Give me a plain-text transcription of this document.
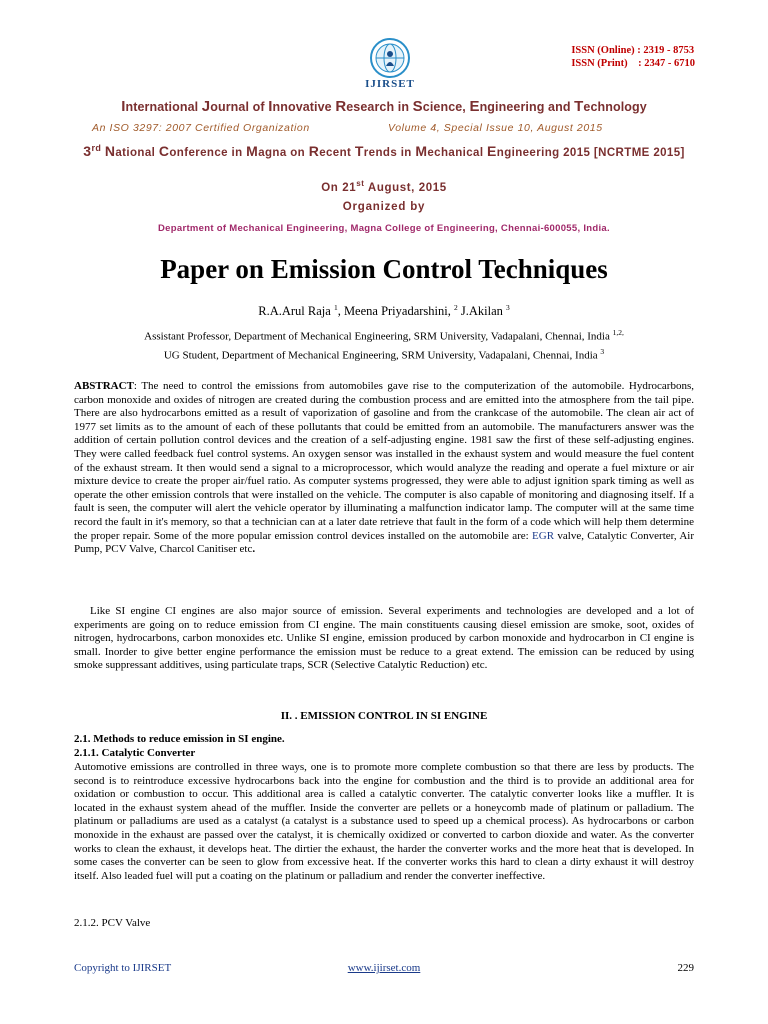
IJIRSET
ISSN (Online) : 2319 - 8753
ISSN (Print)    : 2347 - 6710
International Journal of Innovative Research in Science, Engineering and Technology
An ISO 3297: 2007 Certified Organization	Volume 4, Special Issue 10, August 2015
3rd National Conference in Magna on Recent Trends in Mechanical Engineering 2015 [NCRTME 2015]
On 21st August, 2015
Organized by
Department of Mechanical Engineering, Magna College of Engineering, Chennai-600055, India.
Paper on Emission Control Techniques
R.A.Arul Raja $^1$, Meena Priyadarshini, $^2$ J.Akilan $^3$
Assistant Professor, Department of Mechanical Engineering, SRM University, Vadapalani, Chennai, India $^{1,2,}$
UG Student, Department of Mechanical Engineering, SRM University, Vadapalani, Chennai, India $^3$
ABSTRACT: The need to control the emissions from automobiles gave rise to the computerization of the automobile. Hydrocarbons, carbon monoxide and oxides of nitrogen are created during the combustion process and are emitted into the atmosphere from the tail pipe. There are also hydrocarbons emitted as a result of vaporization of gasoline and from the crankcase of the automobile. The clean air act of 1977 set limits as to the amount of each of these pollutants that could be emitted from an automobile. The manufacturers answer was the addition of certain pollution control devices and the creation of a self-adjusting engine. 1981 saw the first of these self-adjusting engines. They were called feedback fuel control systems. An oxygen sensor was installed in the exhaust system and would measure the fuel content of the exhaust stream. It then would send a signal to a microprocessor, which would analyze the reading and operate a fuel mixture or air mixture device to create the proper air/fuel ratio. As computer systems progressed, they were able to adjust ignition spark timing as well as operate the other emission controls that were installed on the vehicle. The computer is also capable of monitoring and diagnosing itself. If a fault is seen, the computer will alert the vehicle operator by illuminating a malfunction indicator lamp. The computer will at the same time record the fault in it's memory, so that a technician can at a later date retrieve that fault in the form of a code which will help them determine the proper repair. Some of the more popular emission control devices installed on the automobile are: EGR valve, Catalytic Converter, Air Pump, PCV Valve, Charcol Canitiser etc.
Like SI engine CI engines are also major source of emission. Several experiments and technologies are developed and a lot of experiments are going on to reduce emission from CI engine. The main constituents causing diesel emission are smoke, soot, oxides of nitrogen, hydrocarbons, carbon monoxides etc. Unlike SI engine, emission produced by carbon monoxide and hydrocarbon in CI engine is small. Inorder to give better engine performance the emission must be reduce to a great extend. The emission can be reduced by using smoke suppressant additives, using particulate traps, SCR (Selective Catalytic Reduction) etc.
II. . EMISSION CONTROL IN SI ENGINE
2.1. Methods to reduce emission in SI engine.
2.1.1. Catalytic Converter
Automotive emissions are controlled in three ways, one is to promote more complete combustion so that there are less by products. The second is to reintroduce excessive hydrocarbons back into the engine for combustion and the third is to provide an additional area for oxidation or combustion to occur. This additional area is called a catalytic converter. The catalytic converter looks like a muffler. It is located in the exhaust system ahead of the muffler. Inside the converter are pellets or a honeycomb made of platinum or palladium. The platinum or palladiums are used as a catalyst (a catalyst is a substance used to speed up a chemical process). As hydrocarbons or carbon monoxide in the exhaust are passed over the catalyst, it is chemically oxidized or converted to carbon dioxide and water. As the converter works to clean the exhaust, it develops heat. The dirtier the exhaust, the harder the converter works and the more heat that is developed. In some cases the converter can be seen to glow from excessive heat. If the converter works this hard to clean a dirty exhaust it will destroy itself. Also leaded fuel will put a coating on the platinum or palladium and render the converter ineffective.
2.1.2. PCV Valve
Copyright to IJIRSET	www.ijirset.com	229
